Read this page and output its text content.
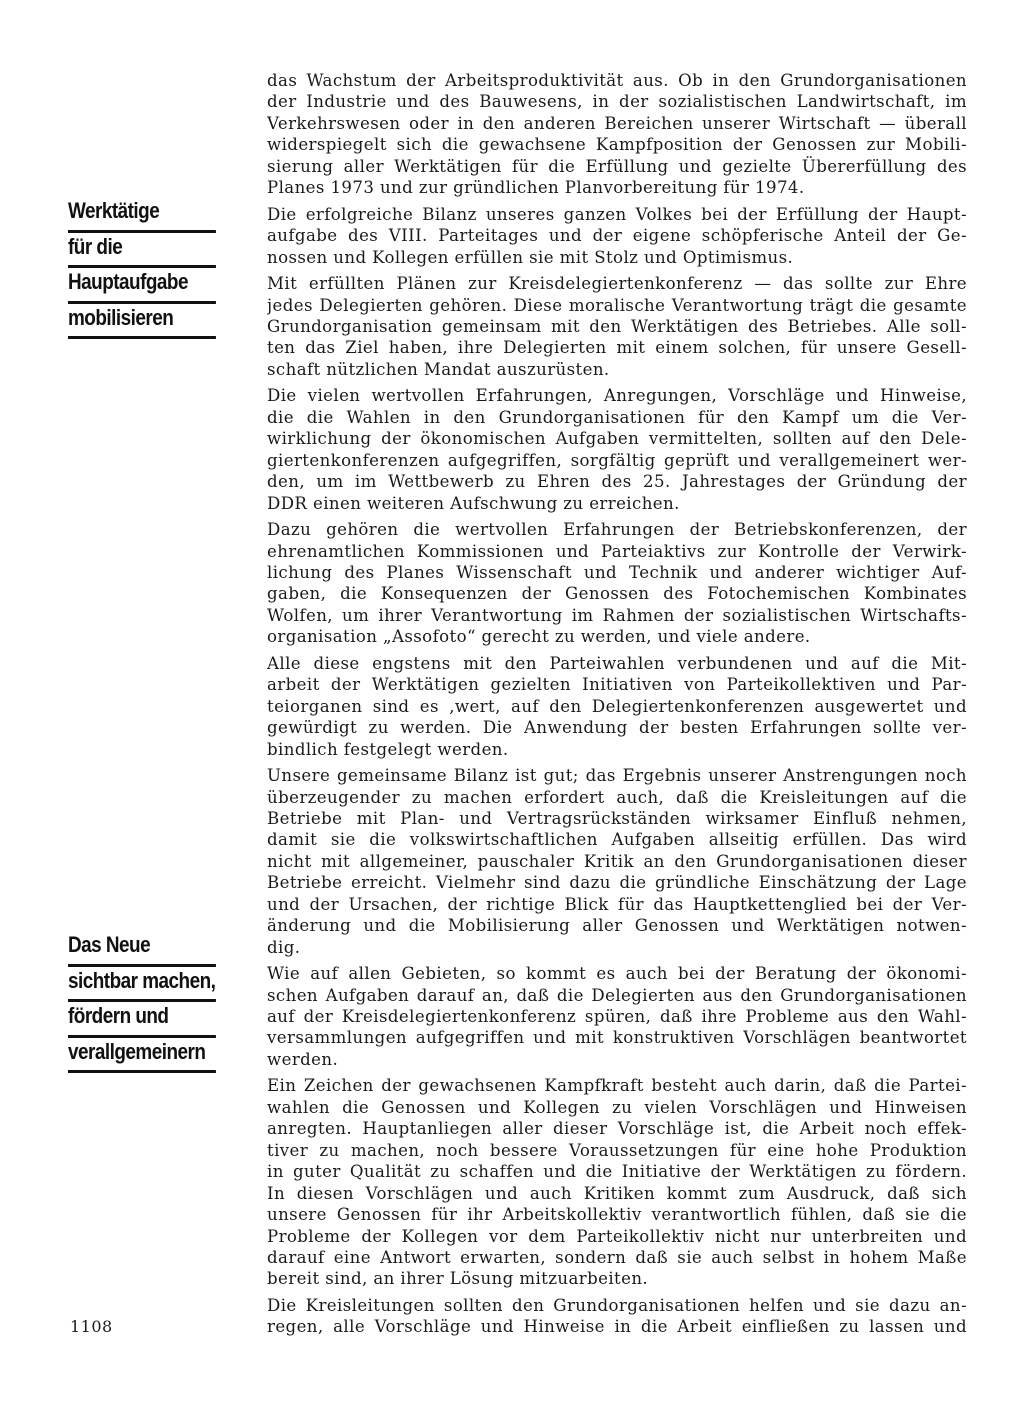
Werktätige
für die
Hauptaufgabe
mobilisieren
Das Neue
sichtbar machen,
fördern und
verallgemeinern

das Wachstum der Arbeitsproduktivität aus. Ob in den Grundorganisationen
der Industrie und des Bauwesens, in der sozialistischen Landwirtschaft, im
Verkehrswesen oder in den anderen Bereichen unserer Wirtschaft — überall
widerspiegelt sich die gewachsene Kampfposition der Genossen zur Mobili-
sierung aller Werktätigen für die Erfüllung und gezielte Übererfüllung des
Planes 1973 und zur gründlichen Planvorbereitung für 1974.

Die erfolgreiche Bilanz unseres ganzen Volkes bei der Erfüllung der Haupt-
aufgabe des VIII. Parteitages und der eigene schöpferische Anteil der Ge-
nossen und Kollegen erfüllen sie mit Stolz und Optimismus.

Mit erfüllten Plänen zur Kreisdelegiertenkonferenz — das sollte zur Ehre
jedes Delegierten gehören. Diese moralische Verantwortung trägt die gesamte
Grundorganisation gemeinsam mit den Werktätigen des Betriebes. Alle soll-
ten das Ziel haben, ihre Delegierten mit einem solchen, für unsere Gesell-
schaft nützlichen Mandat auszurüsten.

Die vielen wertvollen Erfahrungen, Anregungen, Vorschläge und Hinweise,
die die Wahlen in den Grundorganisationen für den Kampf um die Ver-
wirklichung der ökonomischen Aufgaben vermittelten, sollten auf den Dele-
giertenkonferenzen aufgegriffen, sorgfältig geprüft und verallgemeinert wer-
den, um im Wettbewerb zu Ehren des 25. Jahrestages der Gründung der
DDR einen weiteren Aufschwung zu erreichen.

Dazu gehören die wertvollen Erfahrungen der Betriebskonferenzen, der
ehrenamtlichen Kommissionen und Parteiaktivs zur Kontrolle der Verwirk-
lichung des Planes Wissenschaft und Technik und anderer wichtiger Auf-
gaben, die Konsequenzen der Genossen des Fotochemischen Kombinates
Wolfen, um ihrer Verantwortung im Rahmen der sozialistischen Wirtschafts-
organisation „Assofoto“ gerecht zu werden, und viele andere.

Alle diese engstens mit den Parteiwahlen verbundenen und auf die Mit-
arbeit der Werktätigen gezielten Initiativen von Parteikollektiven und Par-
teiorganen sind es ‚wert, auf den Delegiertenkonferenzen ausgewertet und
gewürdigt zu werden. Die Anwendung der besten Erfahrungen sollte ver-
bindlich festgelegt werden.

Unsere gemeinsame Bilanz ist gut; das Ergebnis unserer Anstrengungen noch
überzeugender zu machen erfordert auch, daß die Kreisleitungen auf die
Betriebe mit Plan- und Vertragsrückständen wirksamer Einfluß nehmen,
damit sie die volkswirtschaftlichen Aufgaben allseitig erfüllen. Das wird
nicht mit allgemeiner, pauschaler Kritik an den Grundorganisationen dieser
Betriebe erreicht. Vielmehr sind dazu die gründliche Einschätzung der Lage
und der Ursachen, der richtige Blick für das Hauptkettenglied bei der Ver-
änderung und die Mobilisierung aller Genossen und Werktätigen notwen-
dig.

Wie auf allen Gebieten, so kommt es auch bei der Beratung der ökonomi-
schen Aufgaben darauf an, daß die Delegierten aus den Grundorganisationen
auf der Kreisdelegiertenkonferenz spüren, daß ihre Probleme aus den Wahl-
versammlungen aufgegriffen und mit konstruktiven Vorschlägen beantwortet
werden.

Ein Zeichen der gewachsenen Kampfkraft besteht auch darin, daß die Partei-
wahlen die Genossen und Kollegen zu vielen Vorschlägen und Hinweisen
anregten. Hauptanliegen aller dieser Vorschläge ist, die Arbeit noch effek-
tiver zu machen, noch bessere Voraussetzungen für eine hohe Produktion
in guter Qualität zu schaffen und die Initiative der Werktätigen zu fördern.
In diesen Vorschlägen und auch Kritiken kommt zum Ausdruck, daß sich
unsere Genossen für ihr Arbeitskollektiv verantwortlich fühlen, daß sie die
Probleme der Kollegen vor dem Parteikollektiv nicht nur unterbreiten und
darauf eine Antwort erwarten, sondern daß sie auch selbst in hohem Maße
bereit sind, an ihrer Lösung mitzuarbeiten.

Die Kreisleitungen sollten den Grundorganisationen helfen und sie dazu an-
regen, alle Vorschläge und Hinweise in die Arbeit einfließen zu lassen und

1108
